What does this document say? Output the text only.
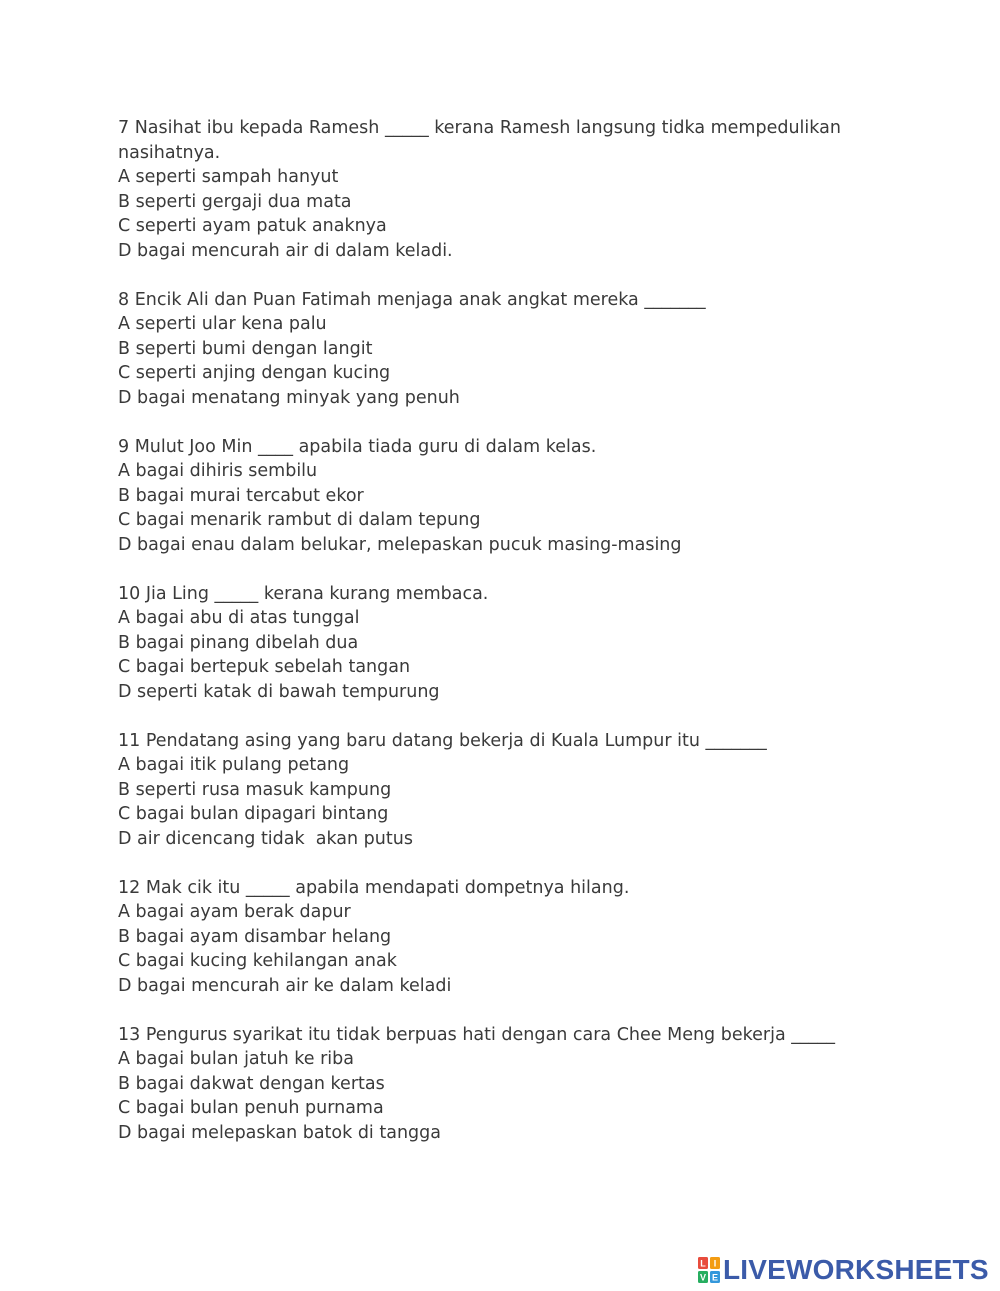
7 Nasihat ibu kepada Ramesh _____ kerana Ramesh langsung tidka mempedulikan nasihatnya.
A seperti sampah hanyut
B seperti gergaji dua mata
C seperti ayam patuk anaknya
D bagai mencurah air di dalam keladi.
8 Encik Ali dan Puan Fatimah menjaga anak angkat mereka _______
A seperti ular kena palu
B seperti bumi dengan langit
C seperti anjing dengan kucing
D bagai menatang minyak yang penuh
9 Mulut Joo Min ____ apabila tiada guru di dalam kelas.
A bagai dihiris sembilu
B bagai murai tercabut ekor
C bagai menarik rambut di dalam tepung
D bagai enau dalam belukar, melepaskan pucuk masing-masing
10 Jia Ling _____ kerana kurang membaca.
A bagai abu di atas tunggal
B bagai pinang dibelah dua
C bagai bertepuk sebelah tangan
D seperti katak di bawah tempurung
11 Pendatang asing yang baru datang bekerja di Kuala Lumpur itu _______
A bagai itik pulang petang
B seperti rusa masuk kampung
C bagai bulan dipagari bintang
D air dicencang tidak  akan putus
12 Mak cik itu _____ apabila mendapati dompetnya hilang.
A bagai ayam berak dapur
B bagai ayam disambar helang
C bagai kucing kehilangan anak
D bagai mencurah air ke dalam keladi
13 Pengurus syarikat itu tidak berpuas hati dengan cara Chee Meng bekerja _____
A bagai bulan jatuh ke riba
B bagai dakwat dengan kertas
C bagai bulan penuh purnama
D bagai melepaskan batok di tangga
L I
V E LIVEWORKSHEETS
